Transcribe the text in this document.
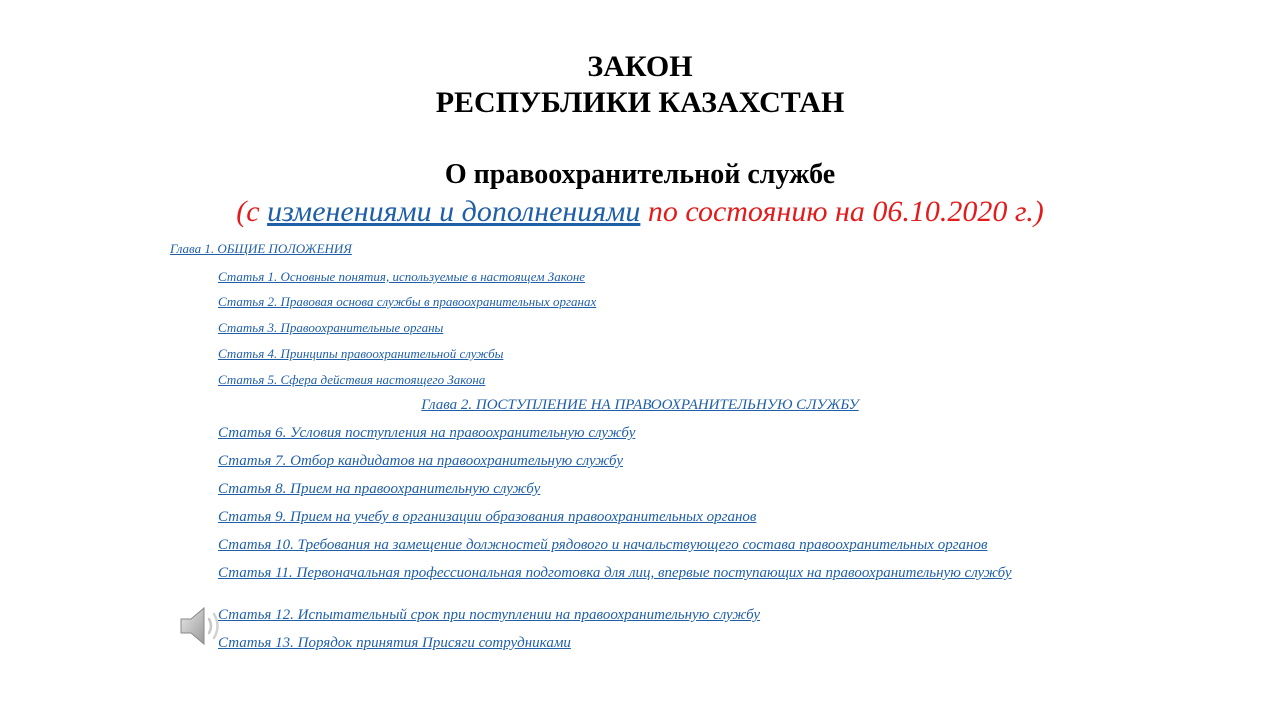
ЗАКОН
РЕСПУБЛИКИ КАЗАХСТАН
О правоохранительной службе
(с изменениями и дополнениями по состоянию на 06.10.2020 г.)
Глава 1. ОБЩИЕ ПОЛОЖЕНИЯ
Статья 1. Основные понятия, используемые в настоящем Законе
Статья 2. Правовая основа службы в правоохранительных органах
Статья 3. Правоохранительные органы
Статья 4. Принципы правоохранительной службы
Статья 5. Сфера действия настоящего Закона
Глава 2. ПОСТУПЛЕНИЕ НА ПРАВООХРАНИТЕЛЬНУЮ СЛУЖБУ
Статья 6. Условия поступления на правоохранительную службу
Статья 7. Отбор кандидатов на правоохранительную службу
Статья 8. Прием на правоохранительную службу
Статья 9. Прием на учебу в организации образования правоохранительных органов
Статья 10. Требования на замещение должностей рядового и начальствующего состава правоохранительных органов
Статья 11. Первоначальная профессиональная подготовка для лиц, впервые поступающих на правоохранительную службу
Статья 12. Испытательный срок при поступлении на правоохранительную службу
Статья 13. Порядок принятия Присяги сотрудниками
